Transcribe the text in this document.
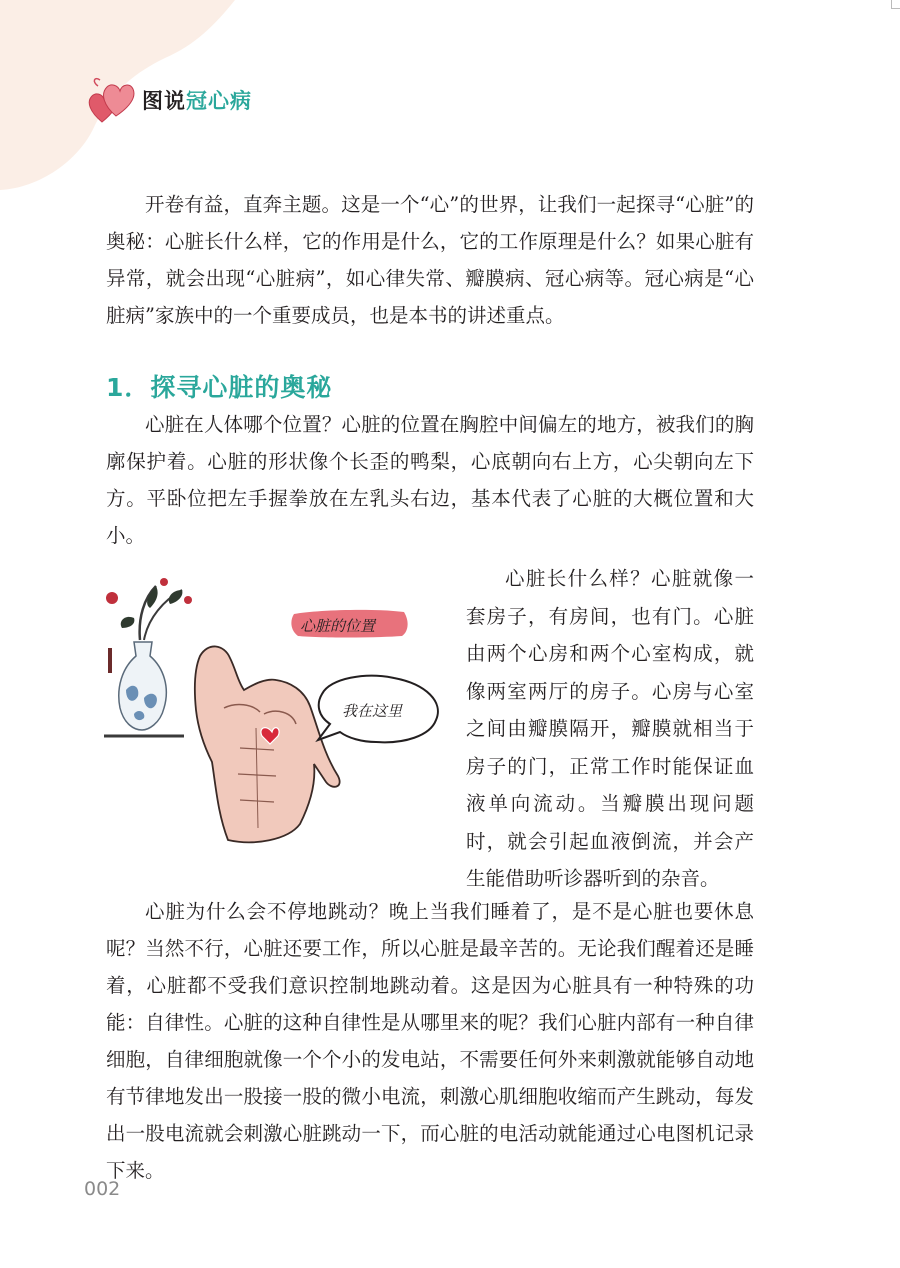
图说冠心病

开卷有益，直奔主题。这是一个“心”的世界，让我们一起探寻“心脏”的奥秘：心脏长什么样，它的作用是什么，它的工作原理是什么？如果心脏有异常，就会出现“心脏病”，如心律失常、瓣膜病、冠心病等。冠心病是“心脏病”家族中的一个重要成员，也是本书的讲述重点。

1．探寻心脏的奥秘

心脏在人体哪个位置？心脏的位置在胸腔中间偏左的地方，被我们的胸廓保护着。心脏的形状像个长歪的鸭梨，心底朝向右上方，心尖朝向左下方。平卧位把左手握拳放在左乳头右边，基本代表了心脏的大概位置和大小。

心脏的位置
我在这里

心脏长什么样？心脏就像一套房子，有房间，也有门。心脏由两个心房和两个心室构成，就像两室两厅的房子。心房与心室之间由瓣膜隔开，瓣膜就相当于房子的门，正常工作时能保证血液单向流动。当瓣膜出现问题时，就会引起血液倒流，并会产生能借助听诊器听到的杂音。

心脏为什么会不停地跳动？晚上当我们睡着了，是不是心脏也要休息呢？当然不行，心脏还要工作，所以心脏是最辛苦的。无论我们醒着还是睡着，心脏都不受我们意识控制地跳动着。这是因为心脏具有一种特殊的功能：自律性。心脏的这种自律性是从哪里来的呢？我们心脏内部有一种自律细胞，自律细胞就像一个个小的发电站，不需要任何外来刺激就能够自动地有节律地发出一股接一股的微小电流，刺激心肌细胞收缩而产生跳动，每发出一股电流就会刺激心脏跳动一下，而心脏的电活动就能通过心电图机记录下来。

002
